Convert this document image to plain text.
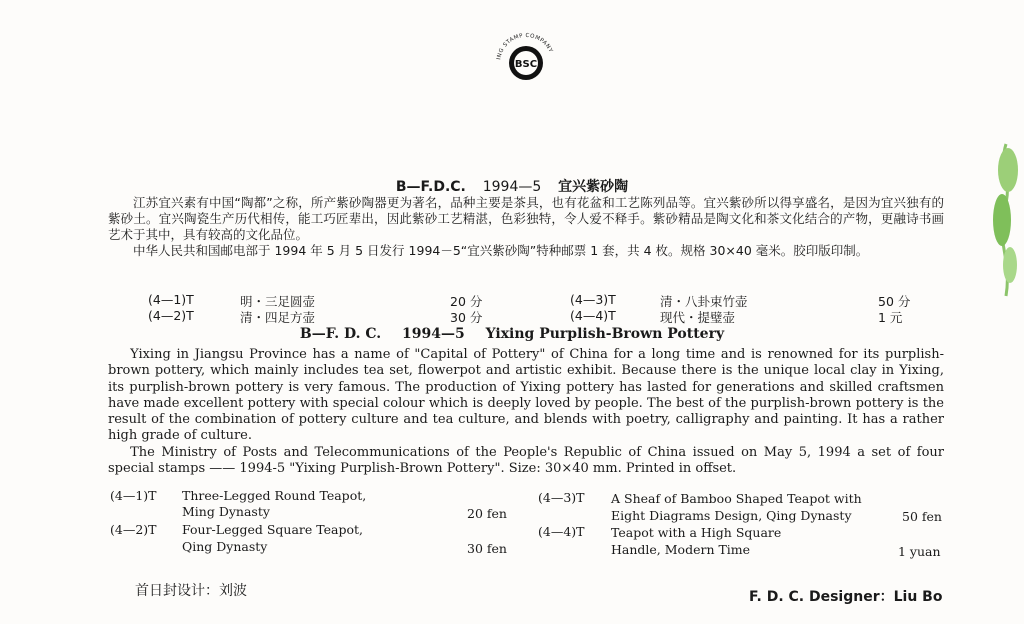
ING STAMP COMPANY
BSC
B—F.D.C. 1994—5 宜兴紫砂陶

江苏宜兴素有中国“陶都”之称，所产紫砂陶器更为著名，品种主要是茶具，也有花盆和工艺陈列品等。宜兴紫砂所以得享盛名，是因为宜兴独有的紫砂土。宜兴陶瓷生产历代相传，能工巧匠辈出，因此紫砂工艺精湛，色彩独特，令人爱不释手。紫砂精品是陶文化和茶文化结合的产物，更融诗书画艺术于其中，具有较高的文化品位。

中华人民共和国邮电部于 1994 年 5 月 5 日发行 1994－5“宜兴紫砂陶”特种邮票 1 套，共 4 枚。规格 30×40 毫米。胶印版印制。

(4—1)T	明・三足圆壶	20 分
(4—2)T	清・四足方壶	30 分
(4—3)T	清・八卦束竹壶	50 分
(4—4)T	现代・提璧壶	1 元
B—F. D. C. 1994—5 Yixing Purplish-Brown Pottery

Yixing in Jiangsu Province has a name of "Capital of Pottery" of China for a long time and is renowned for its purplish-brown pottery, which mainly includes tea set, flowerpot and artistic exhibit. Because there is the unique local clay in Yixing, its purplish-brown pottery is very famous. The production of Yixing pottery has lasted for generations and skilled craftsmen have made excellent pottery with special colour which is deeply loved by people. The best of the purplish-brown pottery is the result of the combination of pottery culture and tea culture, and blends with poetry, calligraphy and painting. It has a rather high grade of culture.

The Ministry of Posts and Telecommunications of the People's Republic of China issued on May 5, 1994 a set of four special stamps —— 1994-5 "Yixing Purplish-Brown Pottery". Size: 30×40 mm. Printed in offset.

(4—1)T Three-Legged Round Teapot,
Ming Dynasty	20 fen
(4—2)T Four-Legged Square Teapot,
Qing Dynasty	30 fen
(4—3)T A Sheaf of Bamboo Shaped Teapot with
Eight Diagrams Design, Qing Dynasty	50 fen
(4—4)T Teapot with a High Square
Handle, Modern Time	1 yuan
首日封设计：刘波	F. D. C. Designer：Liu Bo
